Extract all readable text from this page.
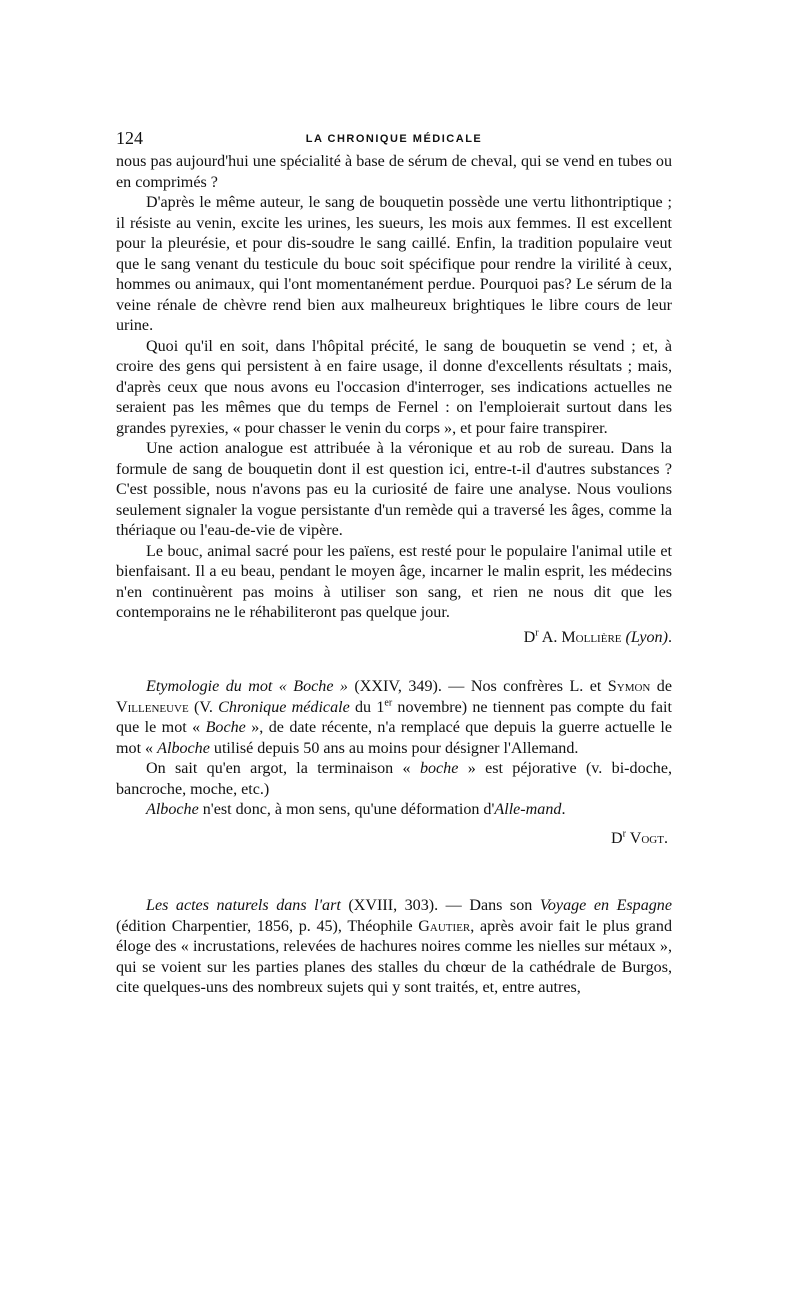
124	LA CHRONIQUE MÉDICALE

nous pas aujourd'hui une spécialité à base de sérum de cheval, qui se vend en tubes ou en comprimés ?

D'après le même auteur, le sang de bouquetin possède une vertu lithontriptique ; il résiste au venin, excite les urines, les sueurs, les mois aux femmes. Il est excellent pour la pleurésie, et pour dis-soudre le sang caillé. Enfin, la tradition populaire veut que le sang venant du testicule du bouc soit spécifique pour rendre la virilité à ceux, hommes ou animaux, qui l'ont momentanément perdue. Pourquoi pas? Le sérum de la veine rénale de chèvre rend bien aux malheureux brightiques le libre cours de leur urine.

Quoi qu'il en soit, dans l'hôpital précité, le sang de bouquetin se vend ; et, à croire des gens qui persistent à en faire usage, il donne d'excellents résultats ; mais, d'après ceux que nous avons eu l'occasion d'interroger, ses indications actuelles ne seraient pas les mêmes que du temps de Fernel : on l'emploierait surtout dans les grandes pyrexies, « pour chasser le venin du corps », et pour faire transpirer.

Une action analogue est attribuée à la véronique et au rob de sureau. Dans la formule de sang de bouquetin dont il est question ici, entre-t-il d'autres substances ? C'est possible, nous n'avons pas eu la curiosité de faire une analyse. Nous voulions seulement signaler la vogue persistante d'un remède qui a traversé les âges, comme la thériaque ou l'eau-de-vie de vipère.

Le bouc, animal sacré pour les païens, est resté pour le populaire l'animal utile et bienfaisant. Il a eu beau, pendant le moyen âge, incarner le malin esprit, les médecins n'en continuèrent pas moins à utiliser son sang, et rien ne nous dit que les contemporains ne le réhabiliteront pas quelque jour.

$D^r$ A. Mollière (Lyon).

Etymologie du mot « Boche » (XXIV, 349). — Nos confrères L. et Symon de Villeneuve (V. Chronique médicale du 1er novembre) ne tiennent pas compte du fait que le mot « Boche », de date récente, n'a remplacé que depuis la guerre actuelle le mot « Alboche utilisé depuis 50 ans au moins pour désigner l'Allemand.

On sait qu'en argot, la terminaison « boche » est péjorative (v. bi-doche, bancroche, moche, etc.)

Alboche n'est donc, à mon sens, qu'une déformation d'Alle-mand.

$D^r$ Vogt.

Les actes naturels dans l'art (XVIII, 303). — Dans son Voyage en Espagne (édition Charpentier, 1856, p. 45), Théophile Gautier, après avoir fait le plus grand éloge des « incrustations, relevées de hachures noires comme les nielles sur métaux », qui se voient sur les parties planes des stalles du chœur de la cathédrale de Burgos, cite quelques-uns des nombreux sujets qui y sont traités, et, entre autres,
